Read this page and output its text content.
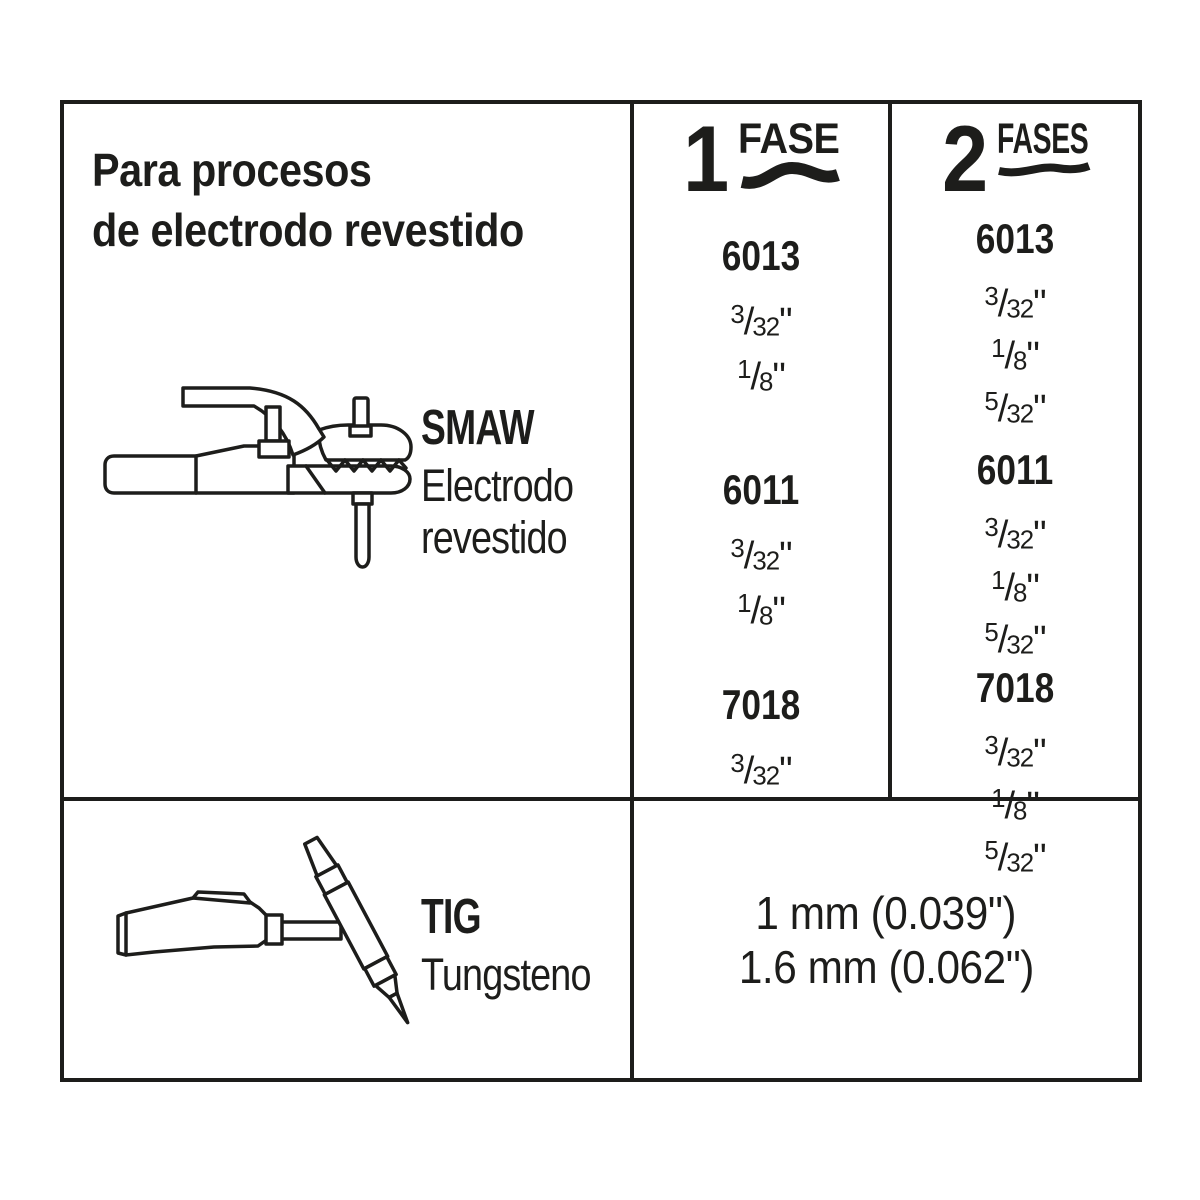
Para procesos
de electrodo revestido
SMAW
Electrodo
revestido
1 FASE
6013
$^3$/32"
$^1$/8"
6011
$^3$/32"
$^1$/8"
7018
$^3$/32"
2 FASES
6013
$^3$/32"
$^1$/8"
$^5$/32"
6011
$^3$/32"
$^1$/8"
$^5$/32"
7018
$^3$/32"
$^1$/8"
$^5$/32"
TIG
Tungsteno
1 mm (0.039")
1.6 mm (0.062")
